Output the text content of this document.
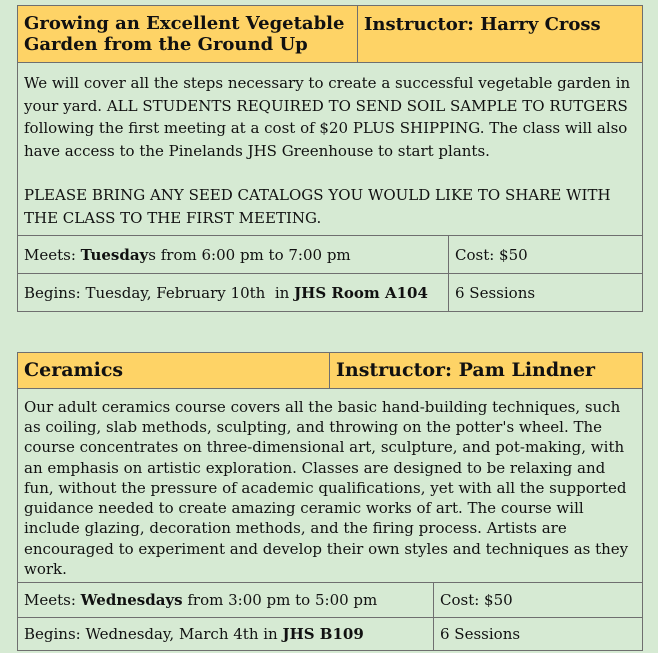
Growing an Excellent Vegetable Garden from the Ground Up	Instructor: Harry Cross

We will cover all the steps necessary to create a successful vegetable garden in your yard. ALL STUDENTS REQUIRED TO SEND SOIL SAMPLE TO RUTGERS following the first meeting at a cost of $20 PLUS SHIPPING. The class will also have access to the Pinelands JHS Greenhouse to start plants.

PLEASE BRING ANY SEED CATALOGS YOU WOULD LIKE TO SHARE WITH THE CLASS TO THE FIRST MEETING.

Meets: Tuesdays from 6:00 pm to 7:00 pm	Cost: $50
Begins: Tuesday, February 10th  in JHS Room A104	6 Sessions
Ceramics	Instructor: Pam Lindner
Our adult ceramics course covers all the basic hand-building techniques, such as coiling, slab methods, sculpting, and throwing on the potter's wheel. The course concentrates on three-dimensional art, sculpture, and pot-making, with an emphasis on artistic exploration. Classes are designed to be relaxing and fun, without the pressure of academic qualifications, yet with all the supported guidance needed to create amazing ceramic works of art. The course will include glazing, decoration methods, and the firing process. Artists are encouraged to experiment and develop their own styles and techniques as they work.
Meets: Wednesdays from 3:00 pm to 5:00 pm	Cost: $50
Begins: Wednesday, March 4th in JHS B109	6 Sessions
